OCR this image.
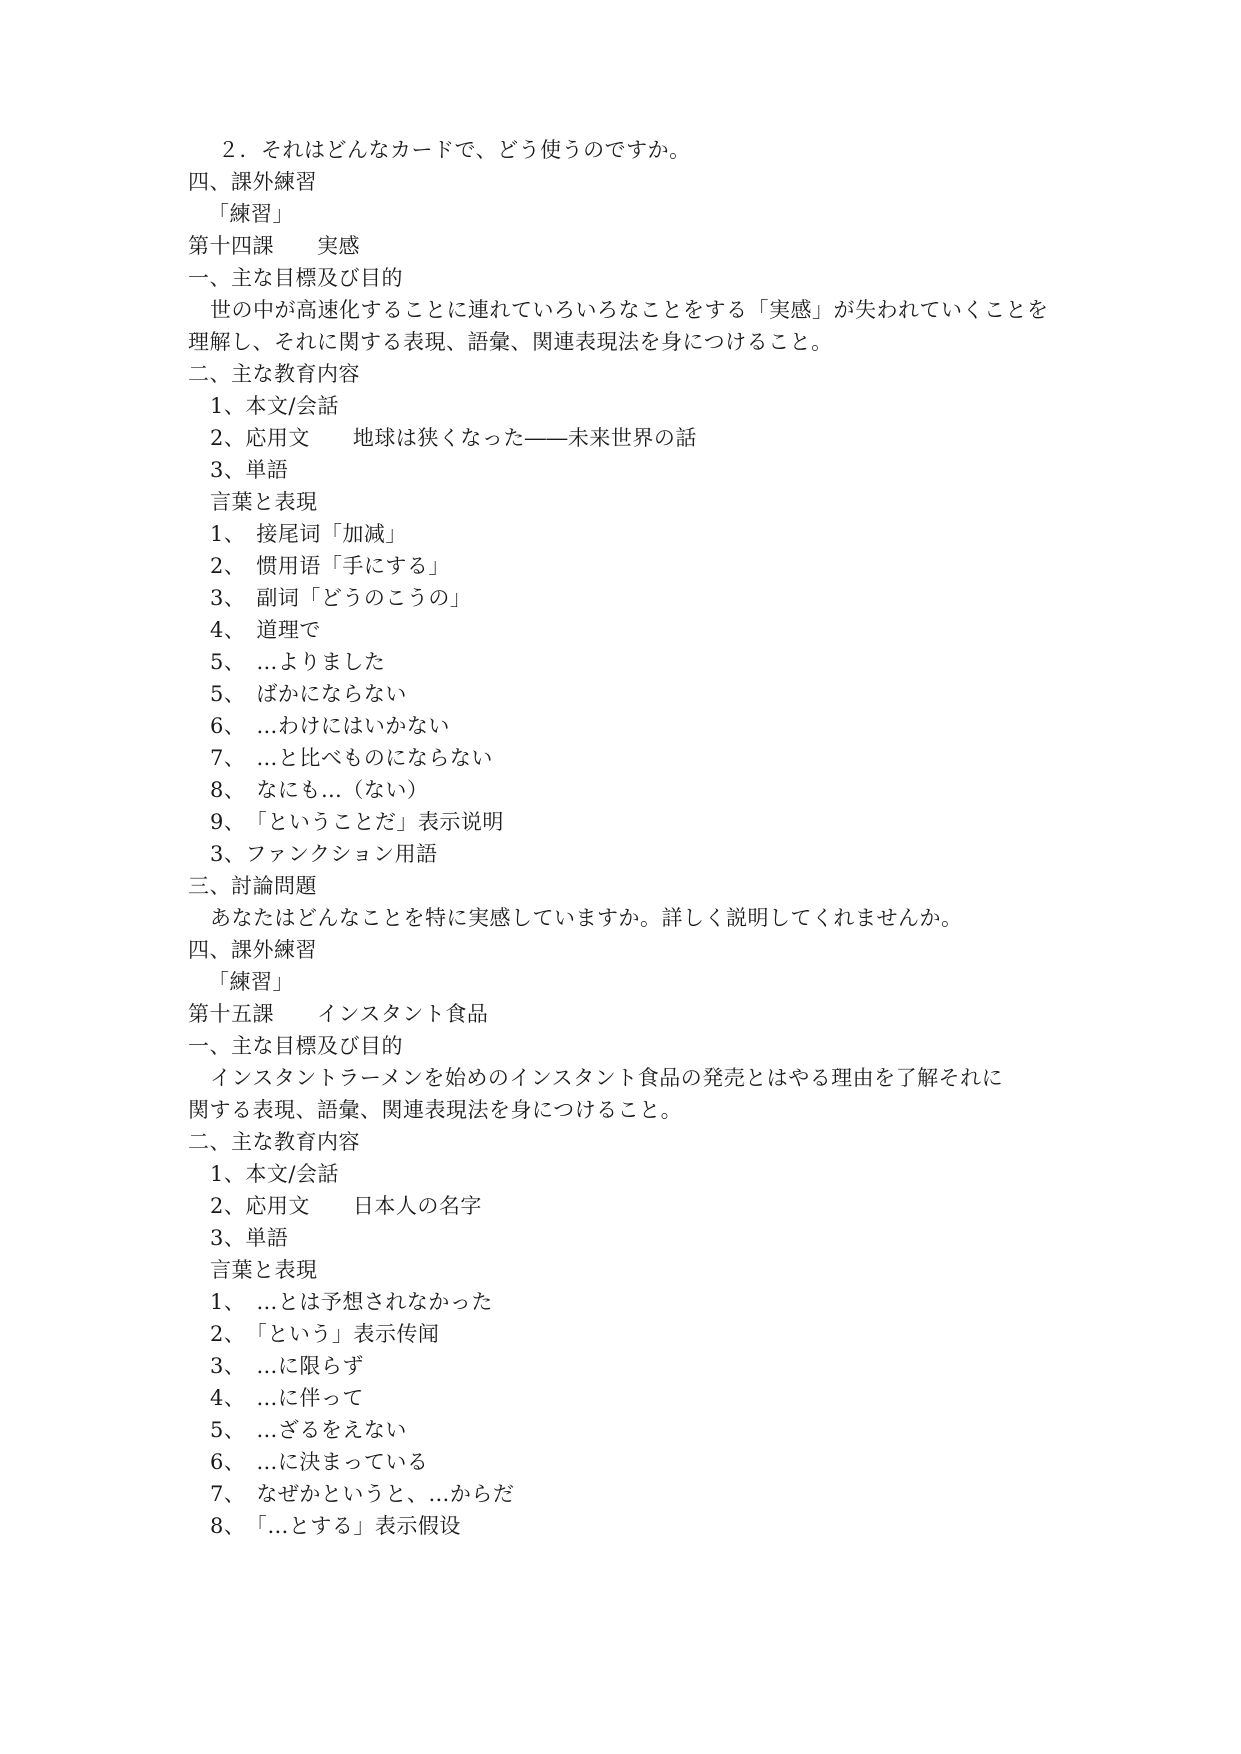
２．それはどんなカードで、どう使うのですか。
四、課外練習
「練習」
第十四課　　実感
一、主な目標及び目的
世の中が高速化することに連れていろいろなことをする「実感」が失われていくことを
理解し、それに関する表現、語彙、関連表現法を身につけること。
二、主な教育内容
1、本文/会話
2、応用文　　地球は狭くなった――未来世界の話
3、単語
言葉と表現
1、　接尾词「加减」
2、　惯用语「手にする」
3、　副词「どうのこうの」
4、　道理で
5、　…よりました
5、　ばかにならない
6、　…わけにはいかない
7、　…と比べものにならない
8、　なにも…（ない）
9、　「ということだ」表示说明
3、ファンクション用語
三、討論問題
あなたはどんなことを特に実感していますか。詳しく説明してくれませんか。
四、課外練習
「練習」
第十五課　　インスタント食品
一、主な目標及び目的
インスタントラーメンを始めのインスタント食品の発売とはやる理由を了解それに
関する表現、語彙、関連表現法を身につけること。
二、主な教育内容
1、本文/会話
2、応用文　　日本人の名字
3、単語
言葉と表現
1、　…とは予想されなかった
2、　「という」表示传闻
3、　…に限らず
4、　…に伴って
5、　…ざるをえない
6、　…に決まっている
7、　なぜかというと、…からだ
8、　「…とする」表示假设
